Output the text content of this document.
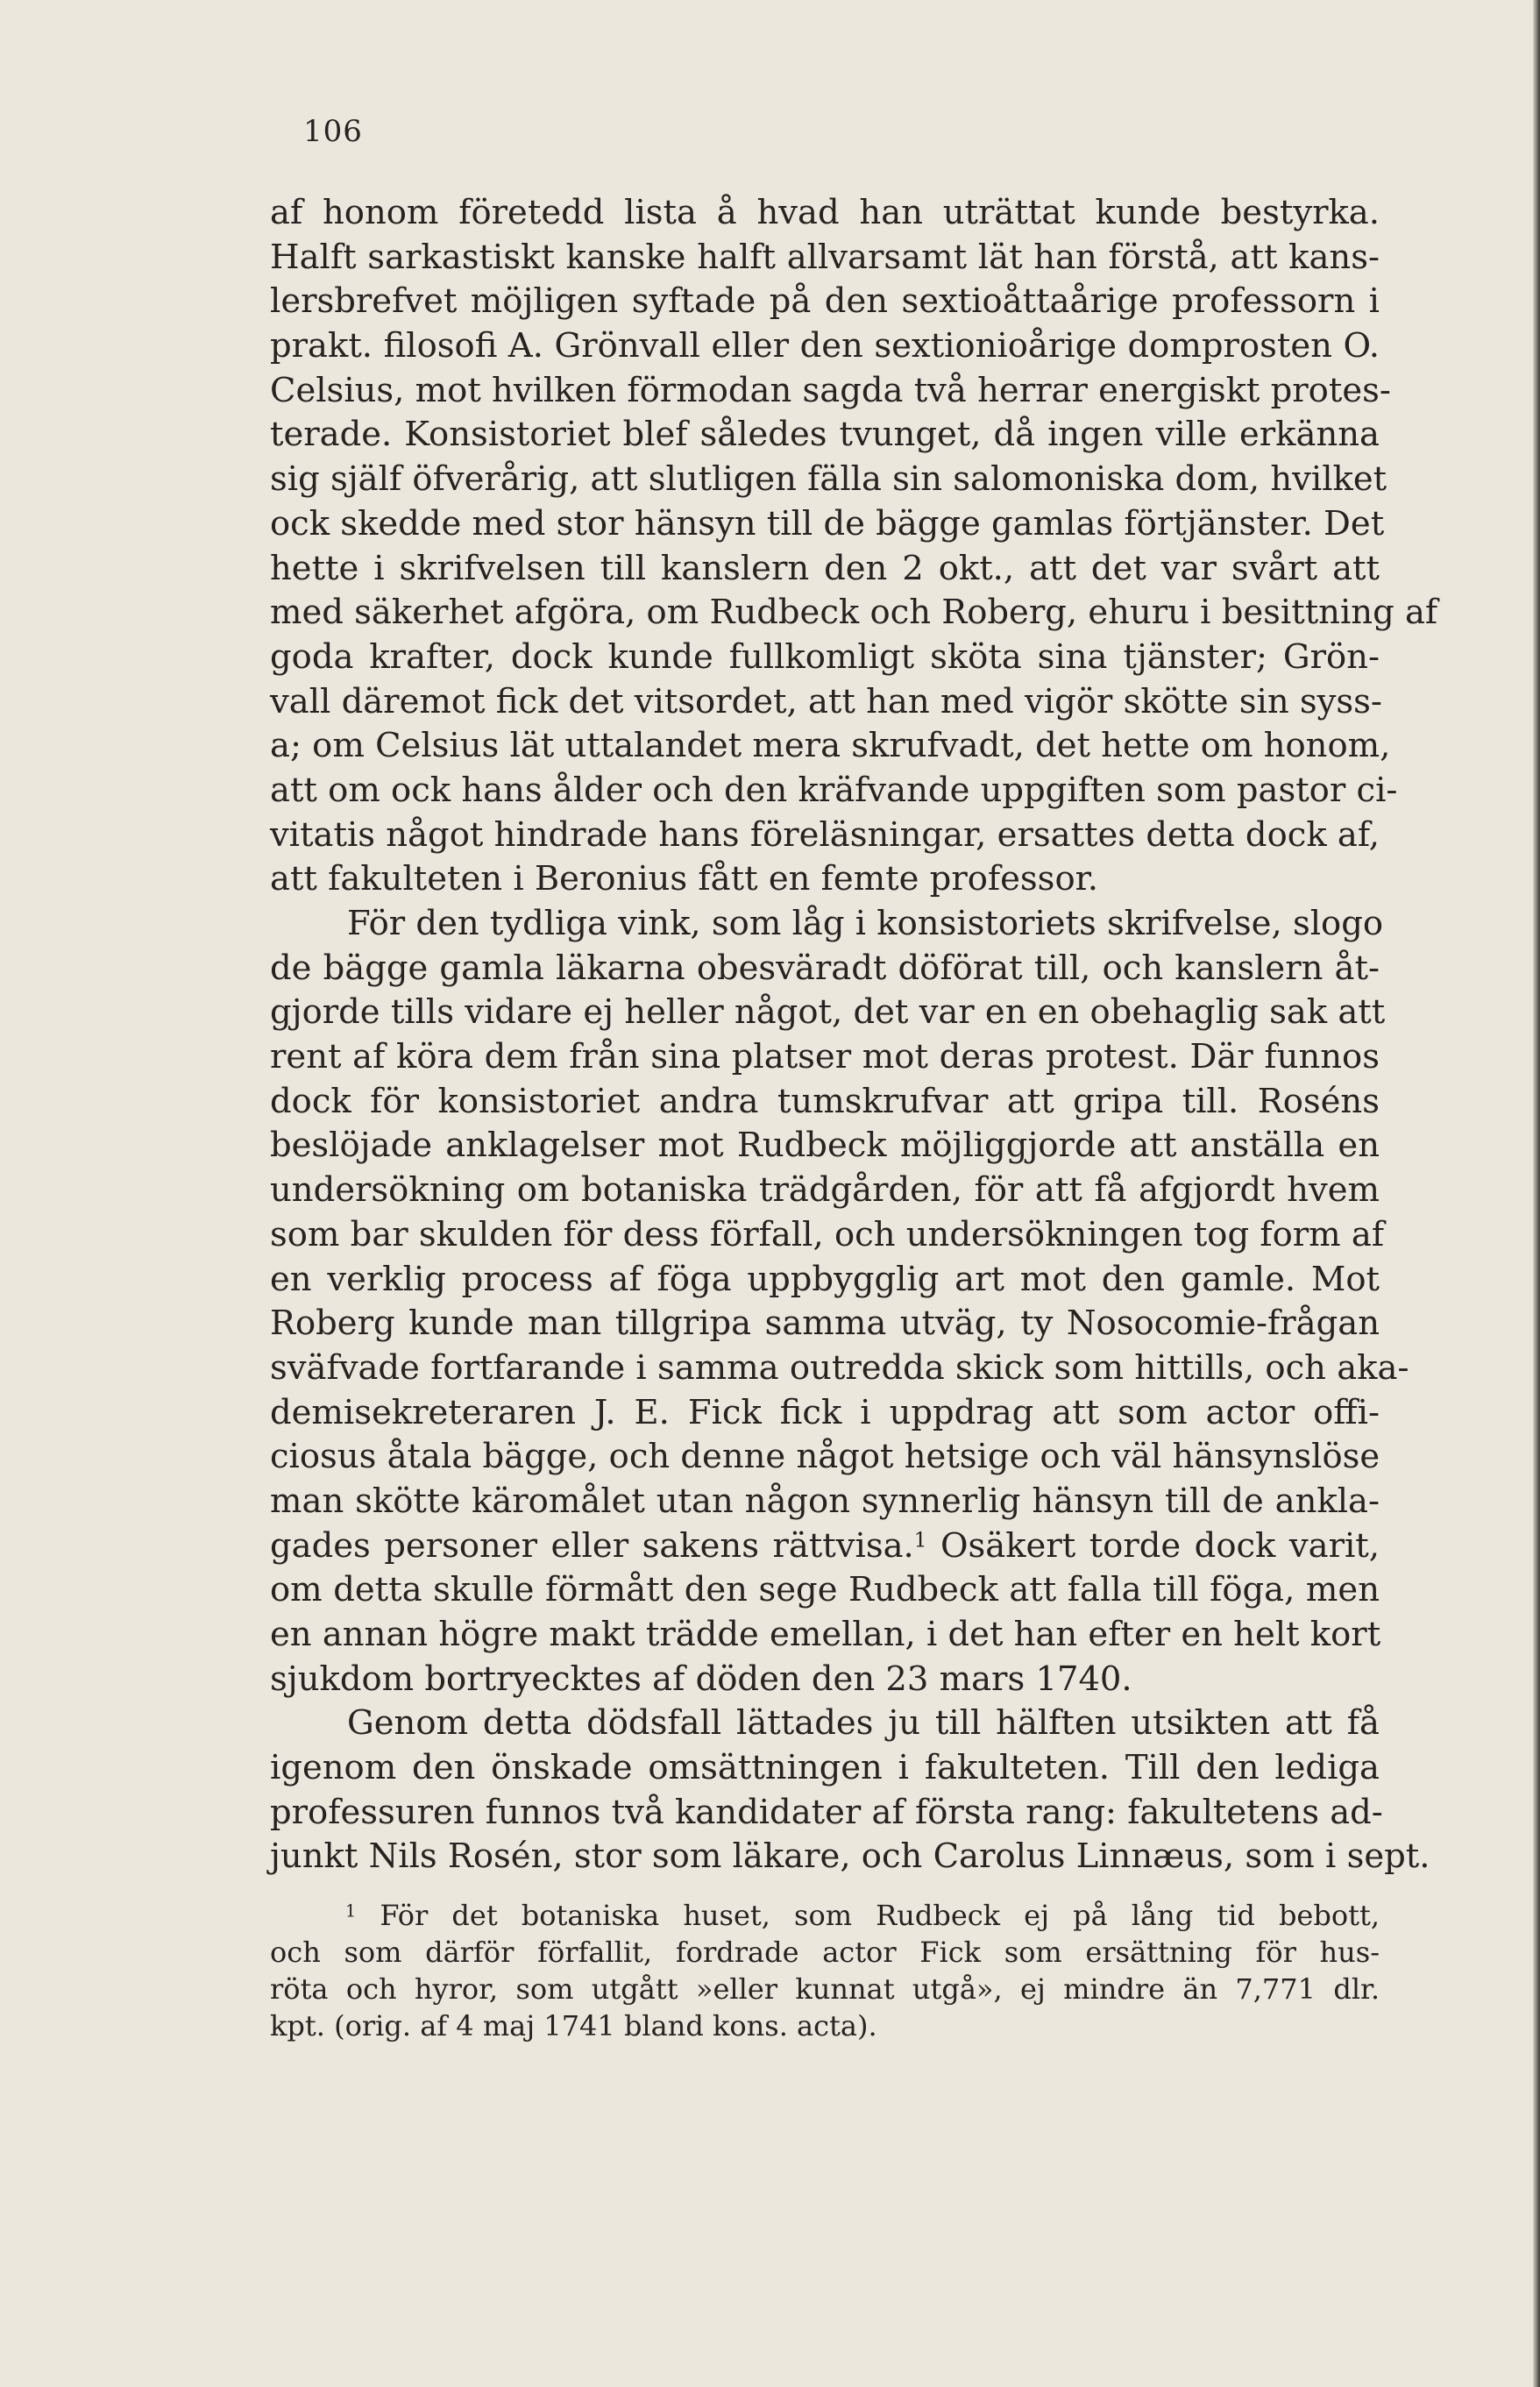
106
af honom företedd lista å hvad han uträttat kunde bestyrka.
Halft sarkastiskt kanske halft allvarsamt lät han förstå, att kans-
lersbrefvet möjligen syftade på den sextioåttaårige professorn i
prakt. filosofi A. Grönvall eller den sextionioårige domprosten O.
Celsius, mot hvilken förmodan sagda två herrar energiskt protes-
terade. Konsistoriet blef således tvunget, då ingen ville erkänna
sig själf öfverårig, att slutligen fälla sin salomoniska dom, hvilket
ock skedde med stor hänsyn till de bägge gamlas förtjänster. Det
hette i skrifvelsen till kanslern den 2 okt., att det var svårt att
med säkerhet afgöra, om Rudbeck och Roberg, ehuru i besittning af
goda krafter, dock kunde fullkomligt sköta sina tjänster; Grön-
vall däremot fick det vitsordet, att han med vigör skötte sin syss-
a; om Celsius lät uttalandet mera skrufvadt, det hette om honom,
att om ock hans ålder och den kräfvande uppgiften som pastor ci-
vitatis något hindrade hans föreläsningar, ersattes detta dock af,
att fakulteten i Beronius fått en femte professor.
För den tydliga vink, som låg i konsistoriets skrifvelse, slogo
de bägge gamla läkarna obesväradt döförat till, och kanslern åt-
gjorde tills vidare ej heller något, det var en en obehaglig sak att
rent af köra dem från sina platser mot deras protest. Där funnos
dock för konsistoriet andra tumskrufvar att gripa till. Roséns
beslöjade anklagelser mot Rudbeck möjliggjorde att anställa en
undersökning om botaniska trädgården, för att få afgjordt hvem
som bar skulden för dess förfall, och undersökningen tog form af
en verklig process af föga uppbygglig art mot den gamle. Mot
Roberg kunde man tillgripa samma utväg, ty Nosocomie-frågan
sväfvade fortfarande i samma outredda skick som hittills, och aka-
demisekreteraren J. E. Fick fick i uppdrag att som actor offi-
ciosus åtala bägge, och denne något hetsige och väl hänsynslöse
man skötte käromålet utan någon synnerlig hänsyn till de ankla-
gades personer eller sakens rättvisa.$^1$ Osäkert torde dock varit,
om detta skulle förmått den sege Rudbeck att falla till föga, men
en annan högre makt trädde emellan, i det han efter en helt kort
sjukdom bortryecktes af döden den 23 mars 1740.
Genom detta dödsfall lättades ju till hälften utsikten att få
igenom den önskade omsättningen i fakulteten. Till den lediga
professuren funnos två kandidater af första rang: fakultetens ad-
junkt Nils Rosén, stor som läkare, och Carolus Linnæus, som i sept.
$^1$ För det botaniska huset, som Rudbeck ej på lång tid bebott,
och som därför förfallit, fordrade actor Fick som ersättning för hus-
röta och hyror, som utgått »eller kunnat utgå», ej mindre än 7,771 dlr.
kpt. (orig. af 4 maj 1741 bland kons. acta).
